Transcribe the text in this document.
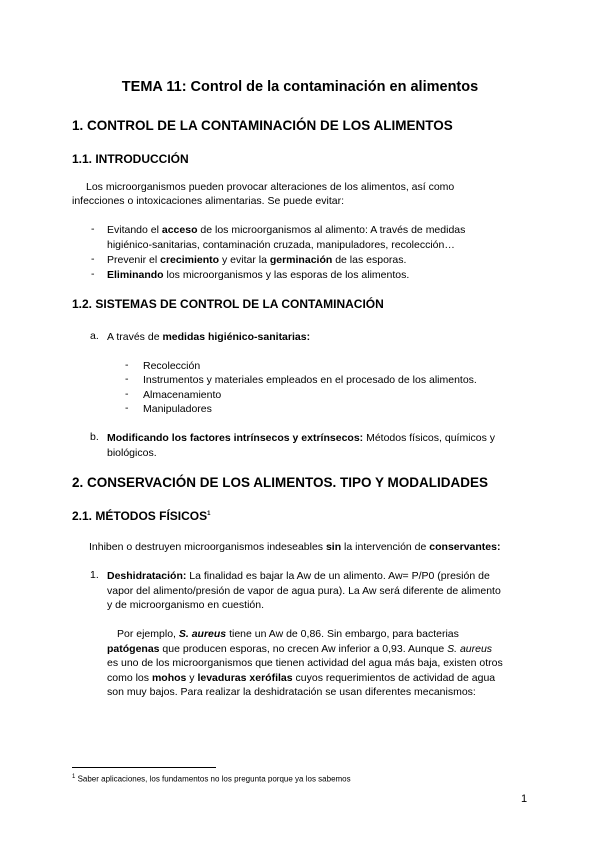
TEMA 11: Control de la contaminación en alimentos
1. CONTROL DE LA CONTAMINACIÓN DE LOS ALIMENTOS
1.1. INTRODUCCIÓN
Los microorganismos pueden provocar alteraciones de los alimentos, así como
infecciones o intoxicaciones alimentarias. Se puede evitar:
- Evitando el acceso de los microorganismos al alimento: A través de medidas
higiénico-sanitarias, contaminación cruzada, manipuladores, recolección…
- Prevenir el crecimiento y evitar la germinación de las esporas.
- Eliminando los microorganismos y las esporas de los alimentos.
1.2. SISTEMAS DE CONTROL DE LA CONTAMINACIÓN
a. A través de medidas higiénico-sanitarias:
- Recolección
- Instrumentos y materiales empleados en el procesado de los alimentos.
- Almacenamiento
- Manipuladores
b. Modificando los factores intrínsecos y extrínsecos: Métodos físicos, químicos y
biológicos.
2. CONSERVACIÓN DE LOS ALIMENTOS. TIPO Y MODALIDADES
2.1. MÉTODOS FÍSICOS$^1$
Inhiben o destruyen microorganismos indeseables sin la intervención de conservantes:
1. Deshidratación: La finalidad es bajar la Aw de un alimento. Aw= P/P0 (presión de
vapor del alimento/presión de vapor de agua pura). La Aw será diferente de alimento
y de microorganismo en cuestión.
Por ejemplo, S. aureus tiene un Aw de 0,86. Sin embargo, para bacterias
patógenas que producen esporas, no crecen Aw inferior a 0,93. Aunque S. aureus
es uno de los microorganismos que tienen actividad del agua más baja, existen otros
como los mohos y levaduras xerófilas cuyos requerimientos de actividad de agua
son muy bajos. Para realizar la deshidratación se usan diferentes mecanismos:
$^1$ Saber aplicaciones, los fundamentos no los pregunta porque ya los sabemos
1
